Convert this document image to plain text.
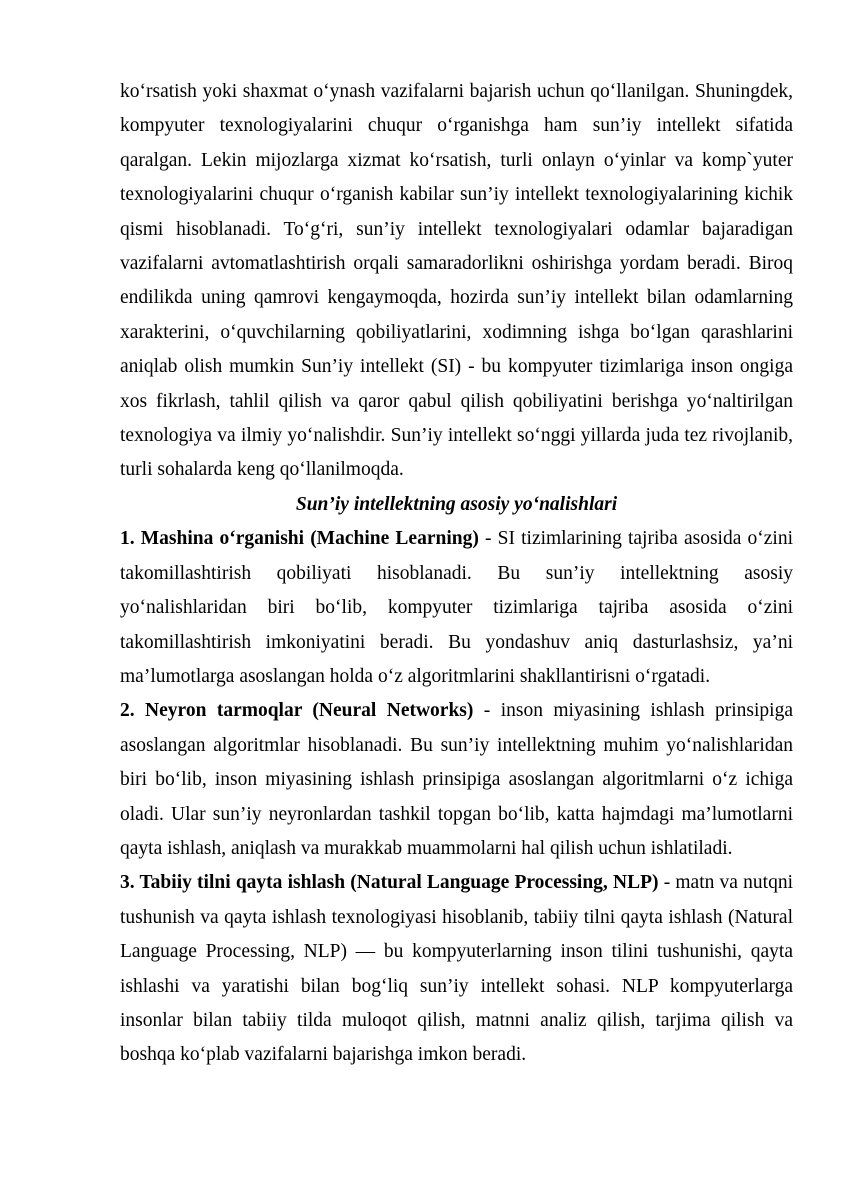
ko‘rsatish yoki shaxmat o‘ynash vazifalarni bajarish uchun qo‘llanilgan. Shuningdek, kompyuter texnologiyalarini chuqur o‘rganishga ham sun’iy intellekt sifatida qaralgan. Lekin mijozlarga xizmat ko‘rsatish, turli onlayn o‘yinlar va komp`yuter texnologiyalarini chuqur o‘rganish kabilar sun’iy intellekt texnologiyalarining kichik qismi hisoblanadi. To‘g‘ri, sun’iy intellekt texnologiyalari odamlar bajaradigan vazifalarni avtomatlashtirish orqali samaradorlikni oshirishga yordam beradi. Biroq endilikda uning qamrovi kengaymoqda, hozirda sun’iy intellekt bilan odamlarning xarakterini, o‘quvchilarning qobiliyatlarini, xodimning ishga bo‘lgan qarashlarini aniqlab olish mumkin Sun’iy intellekt (SI) - bu kompyuter tizimlariga inson ongiga xos fikrlash, tahlil qilish va qaror qabul qilish qobiliyatini berishga yo‘naltirilgan texnologiya va ilmiy yo‘nalishdir. Sun’iy intellekt so‘nggi yillarda juda tez rivojlanib, turli sohalarda keng qo‘llanilmoqda.

Sun’iy intellektning asosiy yo‘nalishlari

1. Mashina o‘rganishi (Machine Learning) - SI tizimlarining tajriba asosida o‘zini takomillashtirish qobiliyati hisoblanadi. Bu sun’iy intellektning asosiy yo‘nalishlaridan biri bo‘lib, kompyuter tizimlariga tajriba asosida o‘zini takomillashtirish imkoniyatini beradi. Bu yondashuv aniq dasturlashsiz, ya’ni ma’lumotlarga asoslangan holda o‘z algoritmlarini shakllantirisni o‘rgatadi.

2. Neyron tarmoqlar (Neural Networks) - inson miyasining ishlash prinsipiga asoslangan algoritmlar hisoblanadi. Bu sun’iy intellektning muhim yo‘nalishlaridan biri bo‘lib, inson miyasining ishlash prinsipiga asoslangan algoritmlarni o‘z ichiga oladi. Ular sun’iy neyronlardan tashkil topgan bo‘lib, katta hajmdagi ma’lumotlarni qayta ishlash, aniqlash va murakkab muammolarni hal qilish uchun ishlatiladi.

3. Tabiiy tilni qayta ishlash (Natural Language Processing, NLP) - matn va nutqni tushunish va qayta ishlash texnologiyasi hisoblanib, tabiiy tilni qayta ishlash (Natural Language Processing, NLP) — bu kompyuterlarning inson tilini tushunishi, qayta ishlashi va yaratishi bilan bog‘liq sun’iy intellekt sohasi. NLP kompyuterlarga insonlar bilan tabiiy tilda muloqot qilish, matnni analiz qilish, tarjima qilish va boshqa ko‘plab vazifalarni bajarishga imkon beradi.
